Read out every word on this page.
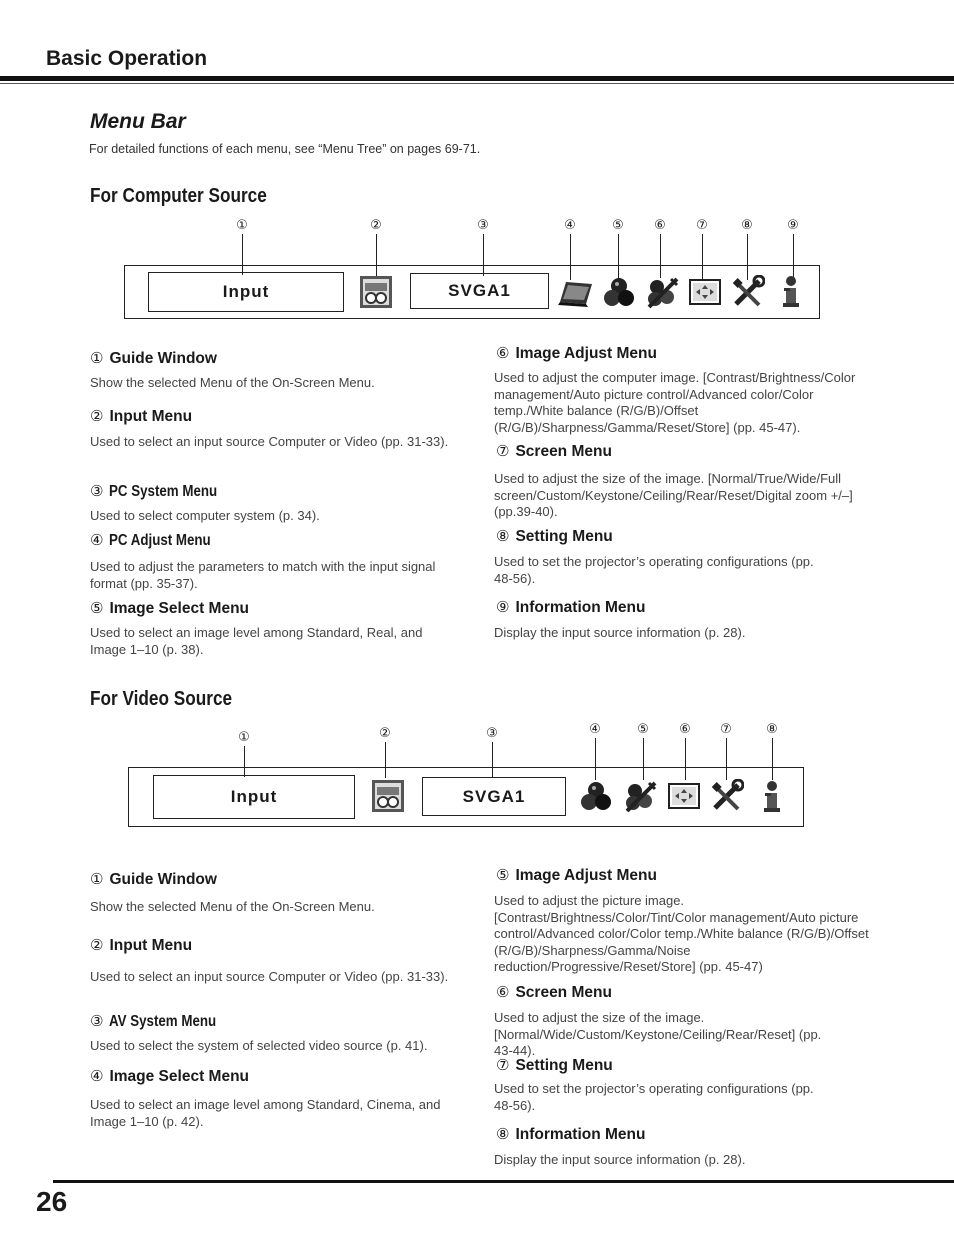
Basic Operation
Menu Bar
For detailed functions of each menu, see “Menu Tree” on pages 69-71.
For Computer Source
①	②	③	④	⑤ ⑥ ⑦	⑧	⑨
Input	SVGA1
① Guide Window
Show the selected Menu of the On-Screen Menu.
② Input Menu
Used to select an input source Computer or Video (pp. 31-33).
③ PC System Menu
Used to select computer system (p. 34).
④ PC Adjust Menu
Used to adjust the parameters to match with the input signal format (pp. 35-37).
⑤ Image Select Menu
Used to select an image level among Standard, Real, and Image 1–10 (p. 38).
⑥ Image Adjust Menu
Used to adjust the computer image. [Contrast/Brightness/Color management/Auto picture control/Advanced color/Color temp./White balance (R/G/B)/Offset (R/G/B)/Sharpness/Gamma/Reset/Store] (pp. 45-47).
⑦ Screen Menu
Used to adjust the size of the image. [Normal/True/Wide/Full screen/Custom/Keystone/Ceiling/Rear/Reset/Digital zoom +/–] (pp.39-40).
⑧ Setting Menu
Used to set the projector’s operating configurations (pp. 48-56).
⑨ Information Menu
Display the input source information (p. 28).
For Video Source
①	②	③	④	⑤ ⑥ ⑦	⑧
Input	SVGA1
① Guide Window
Show the selected Menu of the On-Screen Menu.
② Input Menu
Used to select an input source Computer or Video (pp. 31-33).
③ AV System Menu
Used to select the system of selected video source (p. 41).
④ Image Select Menu
Used to select an image level among Standard, Cinema, and Image 1–10 (p. 42).
⑤ Image Adjust Menu
Used to adjust the picture image. [Contrast/Brightness/Color/Tint/Color management/Auto picture control/Advanced color/Color temp./White balance (R/G/B)/Offset (R/G/B)/Sharpness/Gamma/Noise reduction/Progressive/Reset/Store] (pp. 45-47)
⑥ Screen Menu
Used to adjust the size of the image. [Normal/Wide/Custom/Keystone/Ceiling/Rear/Reset] (pp. 43-44).
⑦ Setting Menu
Used to set the projector’s operating configurations (pp. 48-56).
⑧ Information Menu
Display the input source information (p. 28).
26
